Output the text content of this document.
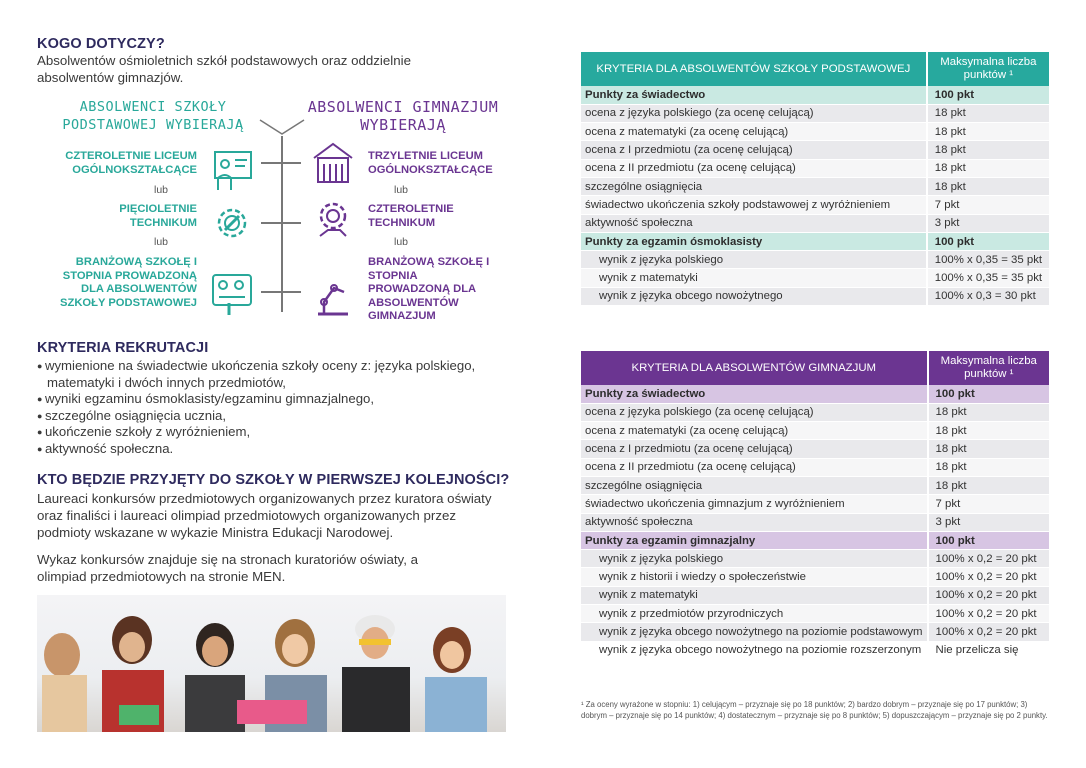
KOGO DOTYCZY?

Absolwentów ośmioletnich szkół podstawowych oraz oddzielnie absolwentów gimnazjów.

ABSOLWENCI SZKOŁY PODSTAWOWEJ WYBIERAJĄ
ABSOLWENCI GIMNAZJUM WYBIERAJĄ
CZTEROLETNIE LICEUM OGÓLNOKSZTAŁCĄCE
lub
PIĘCIOLETNIE TECHNIKUM
lub
BRANŻOWĄ SZKOŁĘ I STOPNIA PROWADZONĄ DLA ABSOLWENTÓW SZKOŁY PODSTAWOWEJ
TRZYLETNIE LICEUM OGÓLNOKSZTAŁCĄCE
lub
CZTEROLETNIE TECHNIKUM
lub
BRANŻOWĄ SZKOŁĘ I STOPNIA PROWADZONĄ DLA ABSOLWENTÓW GIMNAZJUM
KRYTERIA REKRUTACJI
● wymienione na świadectwie ukończenia szkoły oceny z: języka polskiego, matematyki i dwóch innych przedmiotów,
● wyniki egzaminu ósmoklasisty/egzaminu gimnazjalnego,
● szczególne osiągnięcia ucznia,
● ukończenie szkoły z wyróżnieniem,
● aktywność społeczna.
KTO BĘDZIE PRZYJĘTY DO SZKOŁY W PIERWSZEJ KOLEJNOŚCI?

Laureaci konkursów przedmiotowych organizowanych przez kuratora oświaty oraz finaliści i laureaci olimpiad przedmiotowych organizowanych przez podmioty wskazane w wykazie Ministra Edukacji Narodowej.

Wykaz konkursów znajduje się na stronach kuratoriów oświaty, a olimpiad przedmiotowych na stronie MEN.

KRYTERIA DLA ABSOLWENTÓW SZKOŁY PODSTAWOWEJ	Maksymalna liczba punktów ¹
Punkty za świadectwo	100 pkt
ocena z języka polskiego (za ocenę celującą)	18 pkt
ocena z matematyki (za ocenę celującą)	18 pkt
ocena z I przedmiotu (za ocenę celującą)	18 pkt
ocena z II przedmiotu (za ocenę celującą)	18 pkt
szczególne osiągnięcia	18 pkt
świadectwo ukończenia szkoły podstawowej z wyróżnieniem	7 pkt
aktywność społeczna	3 pkt
Punkty za egzamin ósmoklasisty	100 pkt
wynik z języka polskiego	100% x 0,35 = 35 pkt
wynik z matematyki	100% x 0,35 = 35 pkt
wynik z języka obcego nowożytnego	100% x 0,3 = 30 pkt
KRYTERIA DLA ABSOLWENTÓW GIMNAZJUM	Maksymalna liczba punktów ¹
Punkty za świadectwo	100 pkt
ocena z języka polskiego (za ocenę celującą)	18 pkt
ocena z matematyki (za ocenę celującą)	18 pkt
ocena z I przedmiotu (za ocenę celującą)	18 pkt
ocena z II przedmiotu (za ocenę celującą)	18 pkt
szczególne osiągnięcia	18 pkt
świadectwo ukończenia gimnazjum z wyróżnieniem	7 pkt
aktywność społeczna	3 pkt
Punkty za egzamin gimnazjalny	100 pkt
wynik z języka polskiego	100% x 0,2 = 20 pkt
wynik z historii i wiedzy o społeczeństwie	100% x 0,2 = 20 pkt
wynik z matematyki	100% x 0,2 = 20 pkt
wynik z przedmiotów przyrodniczych	100% x 0,2 = 20 pkt
wynik z języka obcego nowożytnego na poziomie podstawowym	100% x 0,2 = 20 pkt
wynik z języka obcego nowożytnego na poziomie rozszerzonym	Nie przelicza się
¹ Za oceny wyrażone w stopniu: 1) celującym – przyznaje się po 18 punktów; 2) bardzo dobrym – przyznaje się po 17 punktów; 3) dobrym – przyznaje się po 14 punktów; 4) dostatecznym – przyznaje się po 8 punktów; 5) dopuszczającym – przyznaje się po 2 punkty.
